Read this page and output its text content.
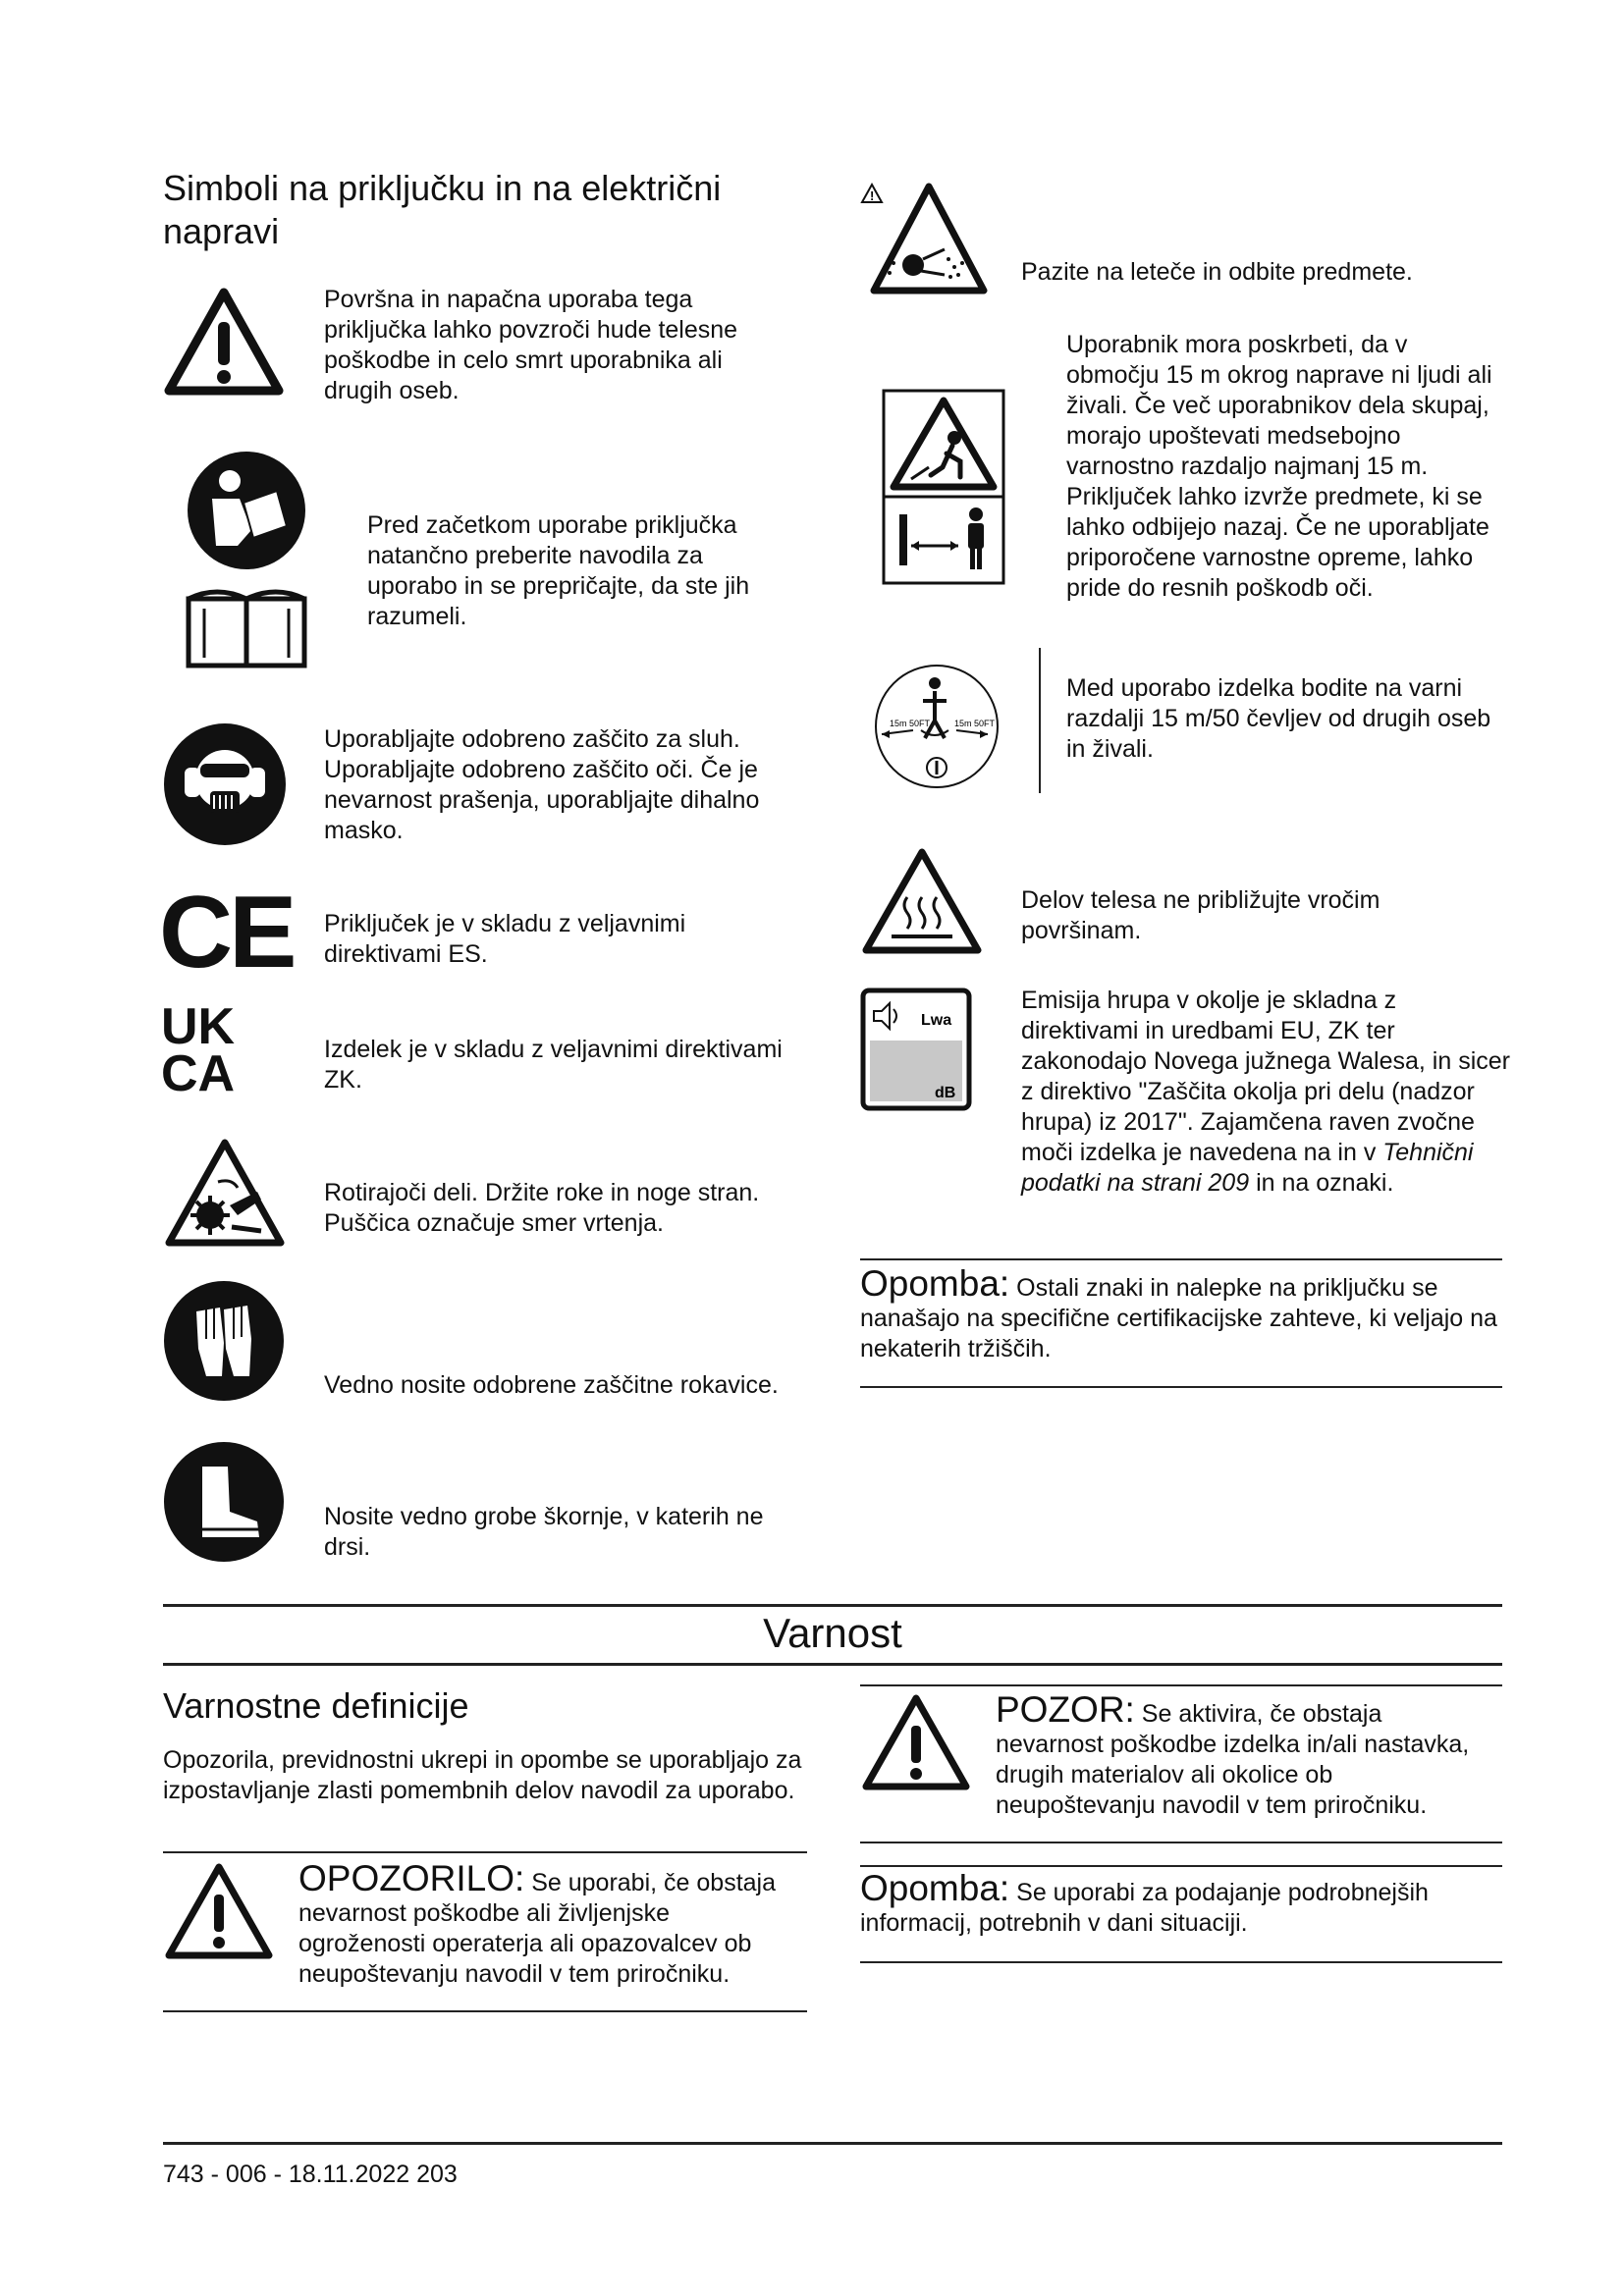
Simboli na priključku in na električni napravi
Površna in napačna uporaba tega priključka lahko povzroči hude telesne poškodbe in celo smrt uporabnika ali drugih oseb.
Pred začetkom uporabe priključka natančno preberite navodila za uporabo in se prepričajte, da ste jih razumeli.
Uporabljajte odobreno zaščito za sluh. Uporabljajte odobreno zaščito oči. Če je nevarnost prašenja, uporabljajte dihalno masko.
CE Priključek je v skladu z veljavnimi direktivami ES.
UK
CA	Izdelek je v skladu z veljavnimi direktivami ZK.
Rotirajoči deli. Držite roke in noge stran. Puščica označuje smer vrtenja.
Vedno nosite odobrene zaščitne rokavice.
Nosite vedno grobe škornje, v katerih ne drsi.
!
Pazite na leteče in odbite predmete.
Uporabnik mora poskrbeti, da v območju 15 m okrog naprave ni ljudi ali živali. Če več uporabnikov dela skupaj, morajo upoštevati medsebojno varnostno razdaljo najmanj 15 m. Priključek lahko izvrže predmete, ki se lahko odbijejo nazaj. Če ne uporabljate priporočene varnostne opreme, lahko pride do resnih poškodb oči.
15m 50FT	15m 50FT
Med uporabo izdelka bodite na varni razdalji 15 m/50 čevljev od drugih oseb in živali.
Delov telesa ne približujte vročim površinam.
Lwa
dB
Emisija hrupa v okolje je skladna z direktivami in uredbami EU, ZK ter zakonodajo Novega južnega Walesa, in sicer z direktivo "Zaščita okolja pri delu (nadzor hrupa) iz 2017". Zajamčena raven zvočne moči izdelka je navedena na in v Tehnični podatki na strani 209 in na oznaki.
Opomba: Ostali znaki in nalepke na priključku se nanašajo na specifične certifikacijske zahteve, ki veljajo na nekaterih tržiščih.
Varnost
Varnostne definicije
Opozorila, previdnostni ukrepi in opombe se uporabljajo za izpostavljanje zlasti pomembnih delov navodil za uporabo.
OPOZORILO: Se uporabi, če obstaja nevarnost poškodbe ali življenjske ogroženosti operaterja ali opazovalcev ob neupoštevanju navodil v tem priročniku.
POZOR: Se aktivira, če obstaja nevarnost poškodbe izdelka in/ali nastavka, drugih materialov ali okolice ob neupoštevanju navodil v tem priročniku.
Opomba: Se uporabi za podajanje podrobnejših informacij, potrebnih v dani situaciji.
743 - 006 - 18.11.2022 203
